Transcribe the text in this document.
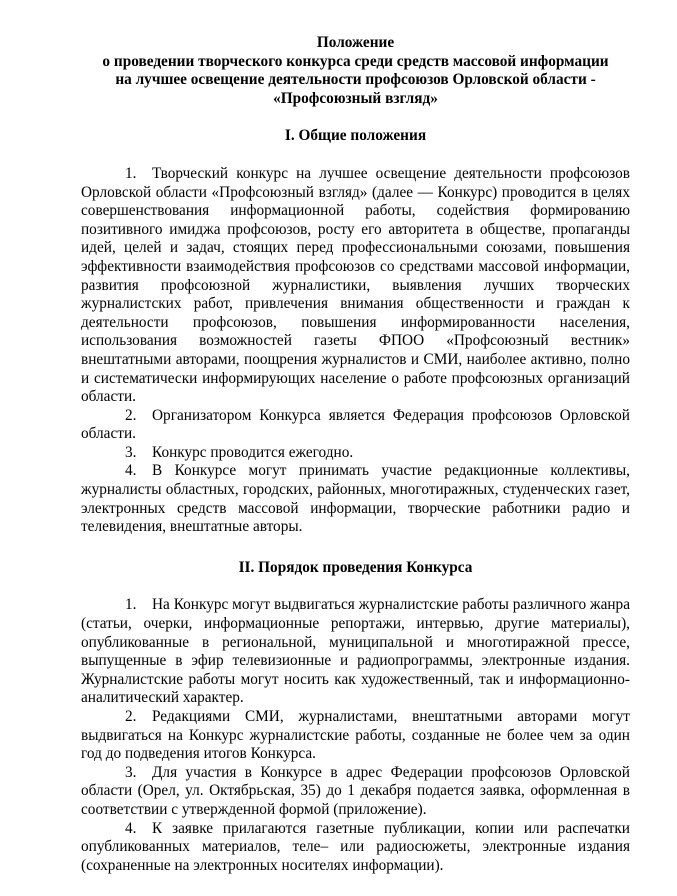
Положение
о проведении творческого конкурса среди средств массовой информации
на лучшее освещение деятельности профсоюзов Орловской области -
«Профсоюзный взгляд»
I. Общие положения

1. Творческий конкурс на лучшее освещение деятельности профсоюзов Орловской области «Профсоюзный взгляд» (далее — Конкурс) проводится в целях совершенствования информационной работы, содействия формированию позитивного имиджа профсоюзов, росту его авторитета в обществе, пропаганды идей, целей и задач, стоящих перед профессиональными союзами, повышения эффективности взаимодействия профсоюзов со средствами массовой информации, развития профсоюзной журналистики, выявления лучших творческих журналистских работ, привлечения внимания общественности и граждан к деятельности профсоюзов, повышения информированности населения, использования возможностей газеты ФПОО «Профсоюзный вестник» внештатными авторами, поощрения журналистов и СМИ, наиболее активно, полно и систематически информирующих население о работе профсоюзных организаций области.

2. Организатором Конкурса является Федерация профсоюзов Орловской области.

3. Конкурс проводится ежегодно.

4. В Конкурсе могут принимать участие редакционные коллективы, журналисты областных, городских, районных, многотиражных, студенческих газет, электронных средств массовой информации, творческие работники радио и телевидения, внештатные авторы.

II. Порядок проведения Конкурса

1. На Конкурс могут выдвигаться журналистские работы различного жанра (статьи, очерки, информационные репортажи, интервью, другие материалы), опубликованные в региональной, муниципальной и многотиражной прессе, выпущенные в эфир телевизионные и радиопрограммы, электронные издания. Журналистские работы могут носить как художественный, так и информационно-аналитический характер.

2. Редакциями СМИ, журналистами, внештатными авторами могут выдвигаться на Конкурс журналистские работы, созданные не более чем за один год до подведения итогов Конкурса.

3. Для участия в Конкурсе в адрес Федерации профсоюзов Орловской области (Орел, ул. Октябрьская, 35) до 1 декабря подается заявка, оформленная в соответствии с утвержденной формой (приложение).

4. К заявке прилагаются газетные публикации, копии или распечатки опубликованных материалов, теле– или радиосюжеты, электронные издания (сохраненные на электронных носителях информации).
